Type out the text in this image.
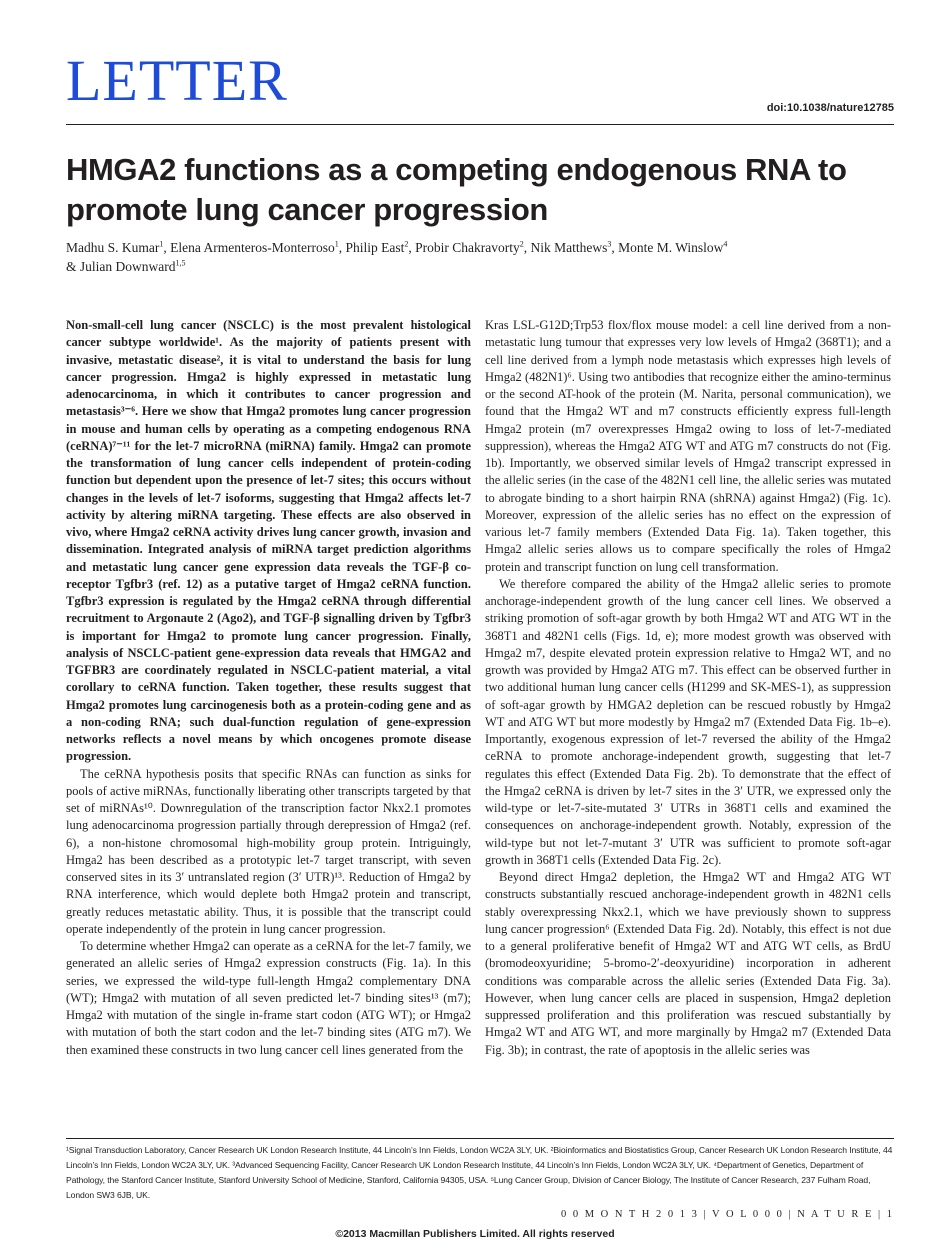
LETTER	doi:10.1038/nature12785
HMGA2 functions as a competing endogenous RNA to promote lung cancer progression
Madhu S. Kumar$^1$, Elena Armenteros-Monterroso$^1$, Philip East$^2$, Probir Chakravorty$^2$, Nik Matthews$^3$, Monte M. Winslow$^4$
& Julian Downward$^{1,5}$

Non-small-cell lung cancer (NSCLC) is the most prevalent histological cancer subtype worldwide¹. As the majority of patients present with invasive, metastatic disease², it is vital to understand the basis for lung cancer progression. Hmga2 is highly expressed in metastatic lung adenocarcinoma, in which it contributes to cancer progression and metastasis³⁻⁶. Here we show that Hmga2 promotes lung cancer progression in mouse and human cells by operating as a competing endogenous RNA (ceRNA)⁷⁻¹¹ for the let-7 microRNA (miRNA) family. Hmga2 can promote the transformation of lung cancer cells independent of protein-coding function but dependent upon the presence of let-7 sites; this occurs without changes in the levels of let-7 isoforms, suggesting that Hmga2 affects let-7 activity by altering miRNA targeting. These effects are also observed in vivo, where Hmga2 ceRNA activity drives lung cancer growth, invasion and dissemination. Integrated analysis of miRNA target prediction algorithms and metastatic lung cancer gene expression data reveals the TGF-β co-receptor Tgfbr3 (ref. 12) as a putative target of Hmga2 ceRNA function. Tgfbr3 expression is regulated by the Hmga2 ceRNA through differential recruitment to Argonaute 2 (Ago2), and TGF-β signalling driven by Tgfbr3 is important for Hmga2 to promote lung cancer progression. Finally, analysis of NSCLC-patient gene-expression data reveals that HMGA2 and TGFBR3 are coordinately regulated in NSCLC-patient material, a vital corollary to ceRNA function. Taken together, these results suggest that Hmga2 promotes lung carcinogenesis both as a protein-coding gene and as a non-coding RNA; such dual-function regulation of gene-expression networks reflects a novel means by which oncogenes promote disease progression.

The ceRNA hypothesis posits that specific RNAs can function as sinks for pools of active miRNAs, functionally liberating other transcripts targeted by that set of miRNAs¹⁰. Downregulation of the transcription factor Nkx2.1 promotes lung adenocarcinoma progression partially through derepression of Hmga2 (ref. 6), a non-histone chromosomal high-mobility group protein. Intriguingly, Hmga2 has been described as a prototypic let-7 target transcript, with seven conserved sites in its 3′ untranslated region (3′ UTR)¹³. Reduction of Hmga2 by RNA interference, which would deplete both Hmga2 protein and transcript, greatly reduces metastatic ability. Thus, it is possible that the transcript could operate independently of the protein in lung cancer progression.

To determine whether Hmga2 can operate as a ceRNA for the let-7 family, we generated an allelic series of Hmga2 expression constructs (Fig. 1a). In this series, we expressed the wild-type full-length Hmga2 complementary DNA (WT); Hmga2 with mutation of all seven predicted let-7 binding sites¹³ (m7); Hmga2 with mutation of the single in-frame start codon (ATG WT); or Hmga2 with mutation of both the start codon and the let-7 binding sites (ATG m7). We then examined these constructs in two lung cancer cell lines generated from the

Kras LSL-G12D;Trp53 flox/flox mouse model: a cell line derived from a non-metastatic lung tumour that expresses very low levels of Hmga2 (368T1); and a cell line derived from a lymph node metastasis which expresses high levels of Hmga2 (482N1)⁶. Using two antibodies that recognize either the amino-terminus or the second AT-hook of the protein (M. Narita, personal communication), we found that the Hmga2 WT and m7 constructs efficiently express full-length Hmga2 protein (m7 overexpresses Hmga2 owing to loss of let-7-mediated suppression), whereas the Hmga2 ATG WT and ATG m7 constructs do not (Fig. 1b). Importantly, we observed similar levels of Hmga2 transcript expressed in the allelic series (in the case of the 482N1 cell line, the allelic series was mutated to abrogate binding to a short hairpin RNA (shRNA) against Hmga2) (Fig. 1c). Moreover, expression of the allelic series has no effect on the expression of various let-7 family members (Extended Data Fig. 1a). Taken together, this Hmga2 allelic series allows us to compare specifically the roles of Hmga2 protein and transcript function on lung cell transformation.

We therefore compared the ability of the Hmga2 allelic series to promote anchorage-independent growth of the lung cancer cell lines. We observed a striking promotion of soft-agar growth by both Hmga2 WT and ATG WT in the 368T1 and 482N1 cells (Figs. 1d, e); more modest growth was observed with Hmga2 m7, despite elevated protein expression relative to Hmga2 WT, and no growth was provided by Hmga2 ATG m7. This effect can be observed further in two additional human lung cancer cells (H1299 and SK-MES-1), as suppression of soft-agar growth by HMGA2 depletion can be rescued robustly by Hmga2 WT and ATG WT but more modestly by Hmga2 m7 (Extended Data Fig. 1b–e). Importantly, exogenous expression of let-7 reversed the ability of the Hmga2 ceRNA to promote anchorage-independent growth, suggesting that let-7 regulates this effect (Extended Data Fig. 2b). To demonstrate that the effect of the Hmga2 ceRNA is driven by let-7 sites in the 3′ UTR, we expressed only the wild-type or let-7-site-mutated 3′ UTRs in 368T1 cells and examined the consequences on anchorage-independent growth. Notably, expression of the wild-type but not let-7-mutant 3′ UTR was sufficient to promote soft-agar growth in 368T1 cells (Extended Data Fig. 2c).

Beyond direct Hmga2 depletion, the Hmga2 WT and Hmga2 ATG WT constructs substantially rescued anchorage-independent growth in 482N1 cells stably overexpressing Nkx2.1, which we have previously shown to suppress lung cancer progression⁶ (Extended Data Fig. 2d). Notably, this effect is not due to a general proliferative benefit of Hmga2 WT and ATG WT cells, as BrdU (bromodeoxyuridine; 5-bromo-2′-deoxyuridine) incorporation in adherent conditions was comparable across the allelic series (Extended Data Fig. 3a). However, when lung cancer cells are placed in suspension, Hmga2 depletion suppressed proliferation and this proliferation was rescued substantially by Hmga2 WT and ATG WT, and more marginally by Hmga2 m7 (Extended Data Fig. 3b); in contrast, the rate of apoptosis in the allelic series was

¹Signal Transduction Laboratory, Cancer Research UK London Research Institute, 44 Lincoln’s Inn Fields, London WC2A 3LY, UK. ²Bioinformatics and Biostatistics Group, Cancer Research UK London Research Institute, 44 Lincoln’s Inn Fields, London WC2A 3LY, UK. ³Advanced Sequencing Facility, Cancer Research UK London Research Institute, 44 Lincoln’s Inn Fields, London WC2A 3LY, UK. ⁴Department of Genetics, Department of Pathology, the Stanford Cancer Institute, Stanford University School of Medicine, Stanford, California 94305, USA. ⁵Lung Cancer Group, Division of Cancer Biology, The Institute of Cancer Research, 237 Fulham Road, London SW3 6JB, UK.
0 0 M O N T H 2 0 1 3 | V O L 0 0 0 | N A T U R E | 1
©2013 Macmillan Publishers Limited. All rights reserved
